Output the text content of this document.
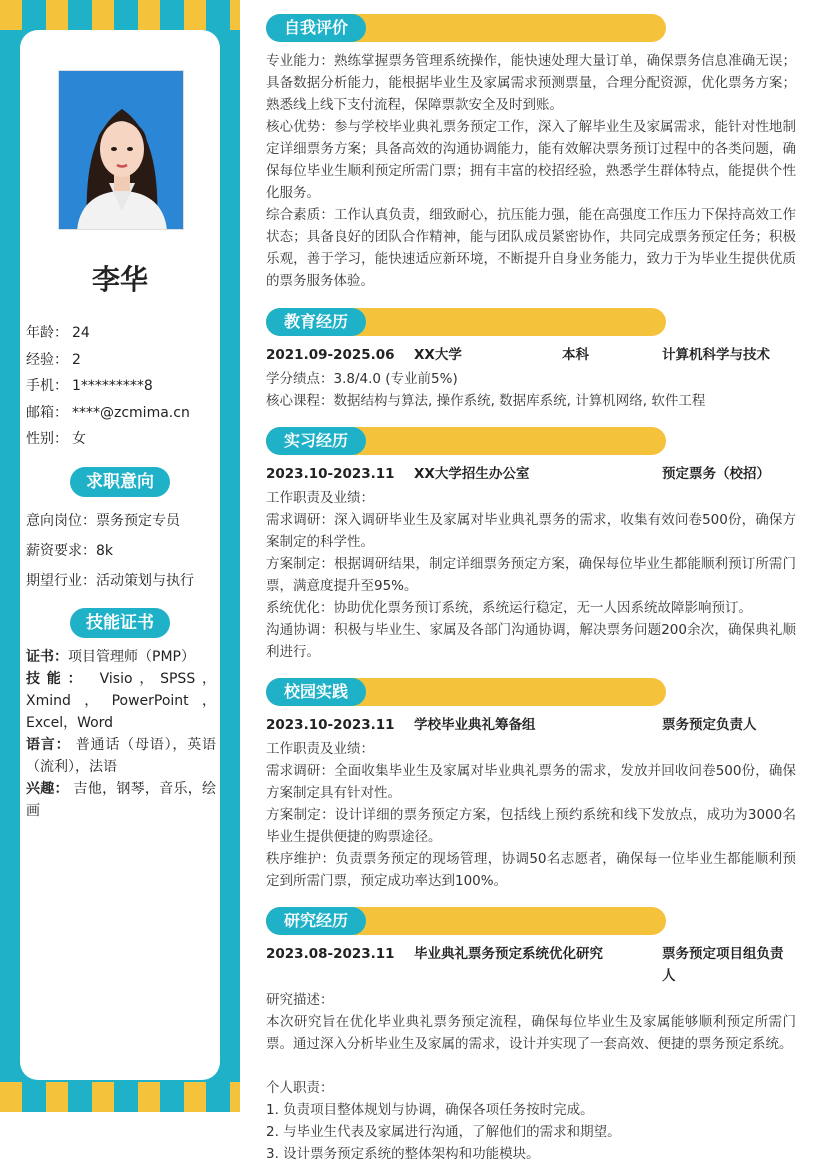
李华
年龄： 24
经验： 2
手机： 1*********8
邮箱： ****@zcmima.cn
性别： 女
求职意向
意向岗位：票务预定专员
薪资要求：8k
期望行业：活动策划与执行
技能证书
证书：项目管理师（PMP）
技能： Visio，SPSS，Xmind，PowerPoint，Excel，Word
语言： 普通话（母语），英语（流利），法语
兴趣： 吉他，钢琴，音乐，绘画
自我评价
专业能力：熟练掌握票务管理系统操作，能快速处理大量订单，确保票务信息准确无误；具备数据分析能力，能根据毕业生及家属需求预测票量，合理分配资源，优化票务方案；熟悉线上线下支付流程，保障票款安全及时到账。
核心优势：参与学校毕业典礼票务预定工作，深入了解毕业生及家属需求，能针对性地制定详细票务方案；具备高效的沟通协调能力，能有效解决票务预订过程中的各类问题，确保每位毕业生顺利预定所需门票；拥有丰富的校招经验，熟悉学生群体特点，能提供个性化服务。
综合素质：工作认真负责，细致耐心，抗压能力强，能在高强度工作压力下保持高效工作状态；具备良好的团队合作精神，能与团队成员紧密协作，共同完成票务预定任务；积极乐观，善于学习，能快速适应新环境，不断提升自身业务能力，致力于为毕业生提供优质的票务服务体验。
教育经历
2021.09-2025.06 XX大学	本科	计算机科学与技术
学分绩点：3.8/4.0 (专业前5%)
核心课程：数据结构与算法, 操作系统, 数据库系统, 计算机网络, 软件工程
实习经历
2023.10-2023.11 XX大学招生办公室	预定票务（校招）
工作职责及业绩：
需求调研：深入调研毕业生及家属对毕业典礼票务的需求，收集有效问卷500份，确保方案制定的科学性。
方案制定：根据调研结果，制定详细票务预定方案，确保每位毕业生都能顺利预订所需门票，满意度提升至95%。
系统优化：协助优化票务预订系统，系统运行稳定，无一人因系统故障影响预订。
沟通协调：积极与毕业生、家属及各部门沟通协调，解决票务问题200余次，确保典礼顺利进行。
校园实践
2023.10-2023.11 学校毕业典礼筹备组	票务预定负责人
工作职责及业绩：
需求调研：全面收集毕业生及家属对毕业典礼票务的需求，发放并回收问卷500份，确保方案制定具有针对性。
方案制定：设计详细的票务预定方案，包括线上预约系统和线下发放点，成功为3000名毕业生提供便捷的购票途径。
秩序维护：负责票务预定的现场管理，协调50名志愿者，确保每一位毕业生都能顺利预定到所需门票，预定成功率达到100%。
研究经历
2023.08-2023.11 毕业典礼票务预定系统优化研究	票务预定项目组负责人
研究描述：
本次研究旨在优化毕业典礼票务预定流程，确保每位毕业生及家属能够顺利预定所需门票。通过深入分析毕业生及家属的需求，设计并实现了一套高效、便捷的票务预定系统。
个人职责：
1. 负责项目整体规划与协调，确保各项任务按时完成。
2. 与毕业生代表及家属进行沟通，了解他们的需求和期望。
3. 设计票务预定系统的整体架构和功能模块。
